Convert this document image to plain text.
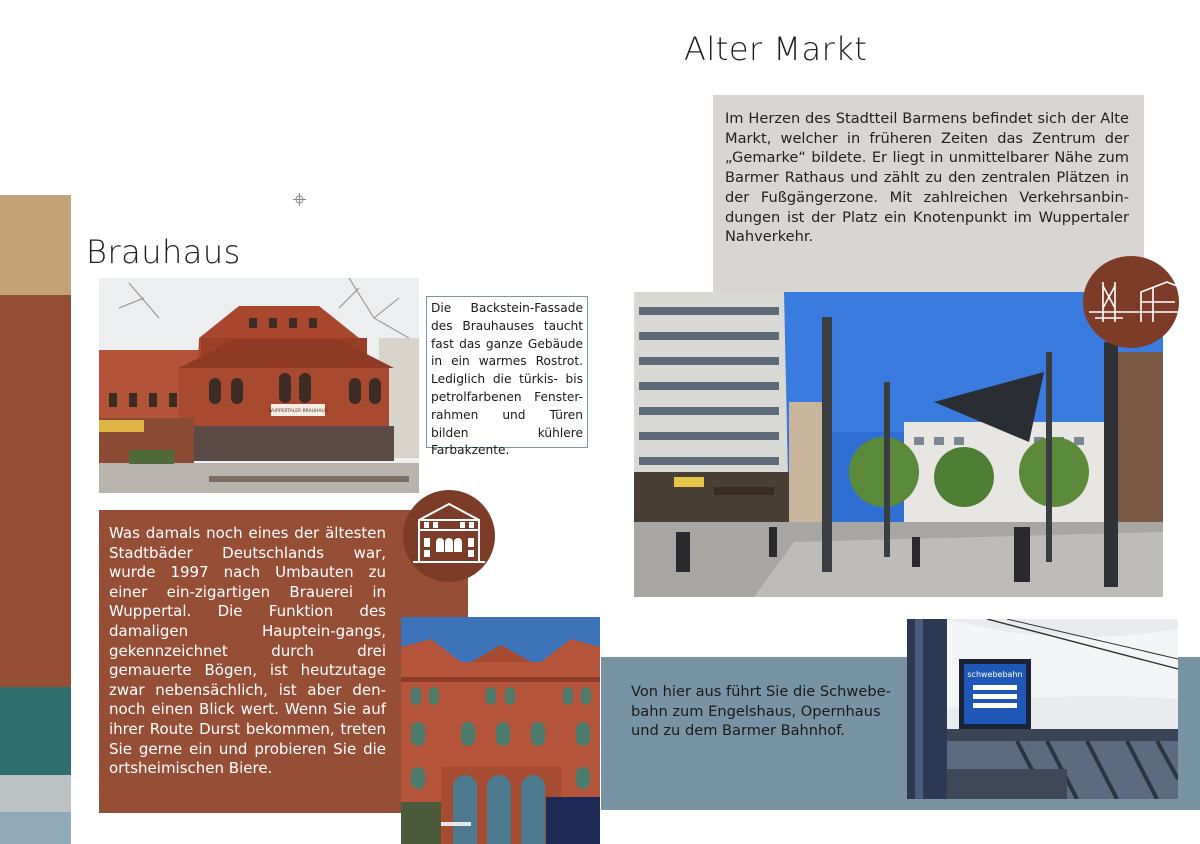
Brauhaus
WUPPERTALER BRAUHAUS
Die Backstein-Fassade des Brauhauses taucht fast das ganze Gebäude in ein warmes Rostrot. Lediglich die türkis- bis petrolfarbenen Fenster-rahmen und Türen bilden kühlere Farbakzente.
Was damals noch eines der ältesten Stadtbäder Deutschlands war, wurde 1997 nach Umbauten zu einer ein-zigartigen Brauerei in Wuppertal. Die Funktion des damaligen Hauptein-gangs, gekennzeichnet durch drei gemauerte Bögen, ist heutzutage zwar nebensächlich, ist aber den-noch einen Blick wert. Wenn Sie auf ihrer Route Durst bekommen, treten Sie gerne ein und probieren Sie die ortsheimischen Biere.
Alter Markt
Im Herzen des Stadtteil Barmens befindet sich der Alte Markt, welcher in früheren Zeiten das Zentrum der „Gemarke“ bildete. Er liegt in unmittelbarer Nähe zum Barmer Rathaus und zählt zu den zentralen Plätzen in der Fußgängerzone. Mit zahlreichen Verkehrsanbin-dungen ist der Platz ein Knotenpunkt im Wuppertaler Nahverkehr.
Von hier aus führt Sie die Schwebe-bahn zum Engelshaus, Opernhaus und zu dem Barmer Bahnhof.
schwebebahn
